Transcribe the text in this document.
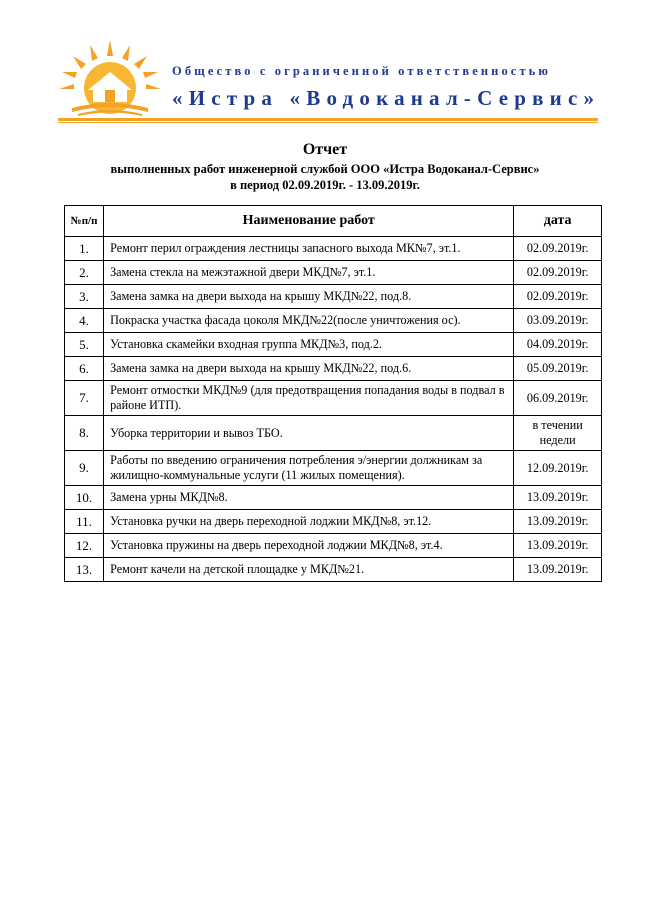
Общество с ограниченной ответственностью
«Истра «Водоканал-Сервис»
Отчет
выполненных работ инженерной службой ООО «Истра Водоканал-Сервис»
в период 02.09.2019г. - 13.09.2019г.
№п/п	Наименование работ	дата
1.	Ремонт перил ограждения лестницы запасного выхода МК№7, эт.1.	02.09.2019г.
2.	Замена стекла на межэтажной двери МКД№7, эт.1.	02.09.2019г.
3.	Замена замка на двери выхода на крышу МКД№22, под.8.	02.09.2019г.
4.	Покраска участка фасада цоколя МКД№22(после уничтожения ос).	03.09.2019г.
5.	Установка скамейки входная группа МКД№3, под.2.	04.09.2019г.
6.	Замена замка на двери выхода на крышу МКД№22, под.6.	05.09.2019г.
7.	Ремонт отмостки МКД№9 (для предотвращения попадания воды в подвал в районе ИТП).	06.09.2019г.
8.	Уборка территории и вывоз ТБО.	в течении недели
9.	Работы по введению ограничения потребления э/энергии должникам за жилищно-коммунальные услуги (11 жилых помещения).	12.09.2019г.
10.	Замена урны МКД№8.	13.09.2019г.
11.	Установка ручки на дверь переходной лоджии МКД№8, эт.12.	13.09.2019г.
12.	Установка пружины на дверь переходной лоджии МКД№8, эт.4.	13.09.2019г.
13.	Ремонт качели на детской площадке у МКД№21.	13.09.2019г.
